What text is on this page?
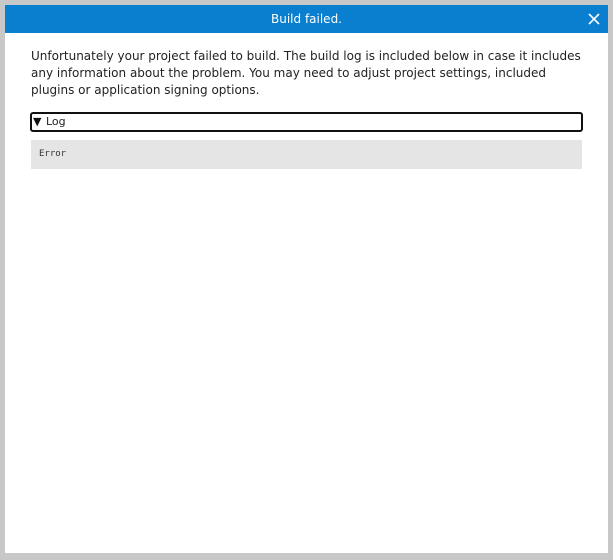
Build failed.
Unfortunately your project failed to build. The build log is included below in case it includes any information about the problem. You may need to adjust project settings, included plugins or application signing options.
▼ Log
Error
